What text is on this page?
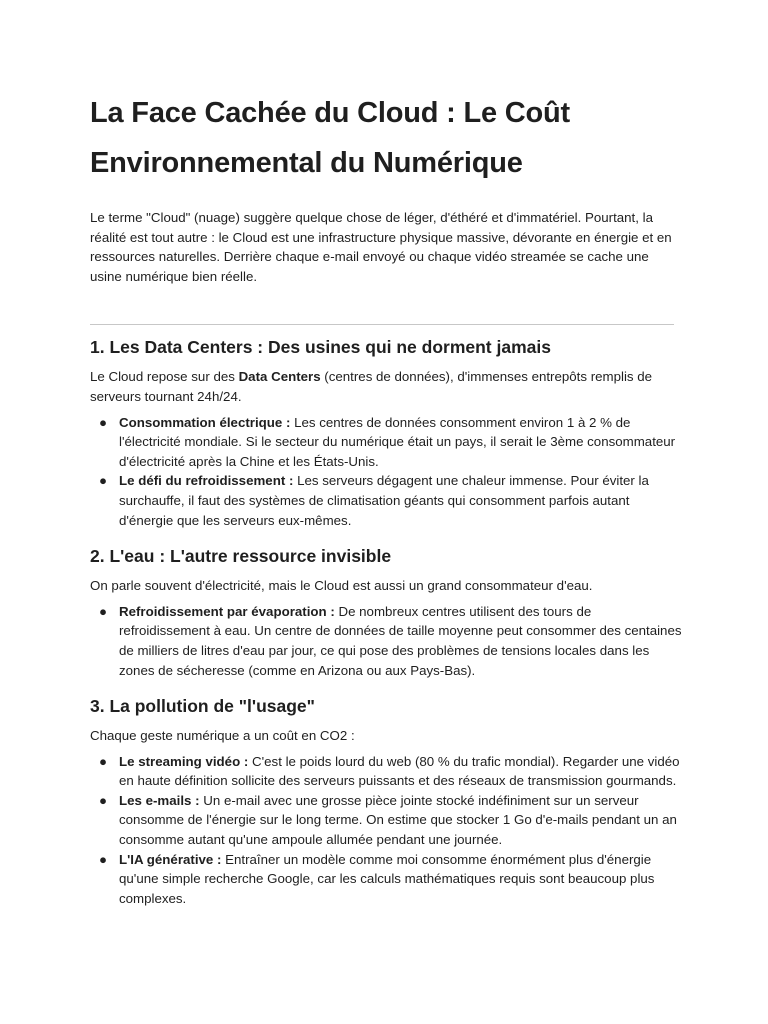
La Face Cachée du Cloud : Le Coût Environnemental du Numérique

Le terme "Cloud" (nuage) suggère quelque chose de léger, d'éthéré et d'immatériel. Pourtant, la réalité est tout autre : le Cloud est une infrastructure physique massive, dévorante en énergie et en ressources naturelles. Derrière chaque e-mail envoyé ou chaque vidéo streamée se cache une usine numérique bien réelle.

1. Les Data Centers : Des usines qui ne dorment jamais

Le Cloud repose sur des Data Centers (centres de données), d'immenses entrepôts remplis de serveurs tournant 24h/24.

● Consommation électrique : Les centres de données consomment environ 1 à 2 % de l'électricité mondiale. Si le secteur du numérique était un pays, il serait le 3ème consommateur d'électricité après la Chine et les États-Unis.
● Le défi du refroidissement : Les serveurs dégagent une chaleur immense. Pour éviter la surchauffe, il faut des systèmes de climatisation géants qui consomment parfois autant d'énergie que les serveurs eux-mêmes.
2. L'eau : L'autre ressource invisible

On parle souvent d'électricité, mais le Cloud est aussi un grand consommateur d'eau.

● Refroidissement par évaporation : De nombreux centres utilisent des tours de refroidissement à eau. Un centre de données de taille moyenne peut consommer des centaines de milliers de litres d'eau par jour, ce qui pose des problèmes de tensions locales dans les zones de sécheresse (comme en Arizona ou aux Pays-Bas).
3. La pollution de "l'usage"

Chaque geste numérique a un coût en CO2 :

● Le streaming vidéo : C'est le poids lourd du web (80 % du trafic mondial). Regarder une vidéo en haute définition sollicite des serveurs puissants et des réseaux de transmission gourmands.
● Les e-mails : Un e-mail avec une grosse pièce jointe stocké indéfiniment sur un serveur consomme de l'énergie sur le long terme. On estime que stocker 1 Go d'e-mails pendant un an consomme autant qu'une ampoule allumée pendant une journée.
● L'IA générative : Entraîner un modèle comme moi consomme énormément plus d'énergie qu'une simple recherche Google, car les calculs mathématiques requis sont beaucoup plus complexes.
